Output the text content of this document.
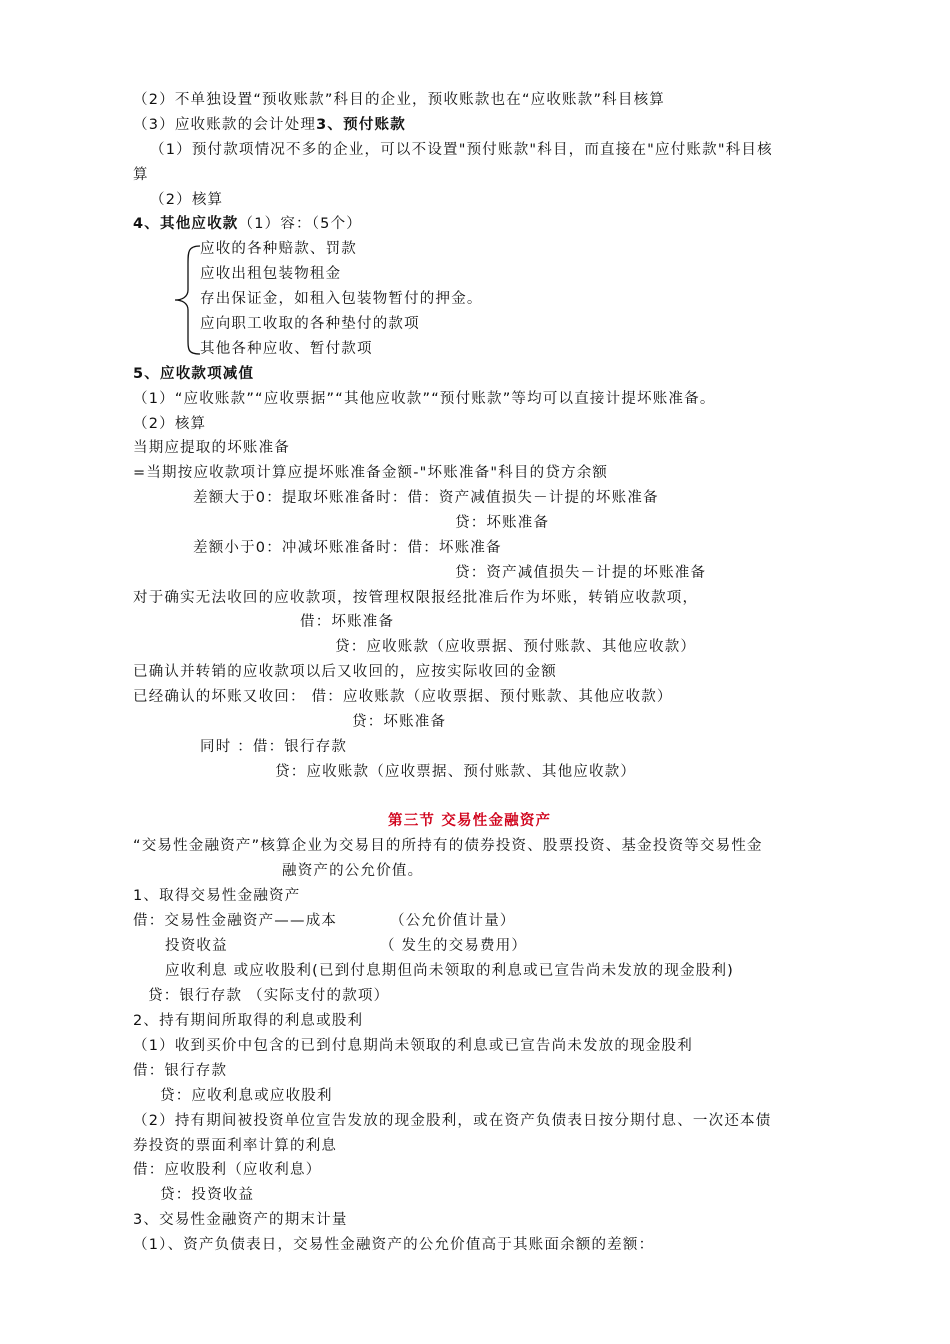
（2）不单独设置“预收账款”科目的企业，预收账款也在“应收账款”科目核算
（3）应收账款的会计处理3、预付账款
（1）预付款项情况不多的企业，可以不设置"预付账款"科目，而直接在"应付账款"科目核
算
（2）核算
4、其他应收款（1）容：（5个）
应收的各种赔款、罚款
应收出租包装物租金
存出保证金，如租入包装物暂付的押金。
应向职工收取的各种垫付的款项
其他各种应收、暂付款项
5、应收款项减值
（1）“应收账款”“应收票据”“其他应收款”“预付账款”等均可以直接计提坏账准备。
（2）核算
当期应提取的坏账准备
=当期按应收款项计算应提坏账准备金额-"坏账准备"科目的贷方余额
差额大于0：提取坏账准备时：借：资产减值损失－计提的坏账准备
贷：坏账准备
差额小于0：冲减坏账准备时：借：坏账准备
贷：资产减值损失－计提的坏账准备
对于确实无法收回的应收款项，按管理权限报经批准后作为坏账，转销应收款项，
借：坏账准备
贷：应收账款（应收票据、预付账款、其他应收款）
已确认并转销的应收款项以后又收回的，应按实际收回的金额
已经确认的坏账又收回： 借：应收账款（应收票据、预付账款、其他应收款）
贷：坏账准备
同时 ：借：银行存款
贷：应收账款（应收票据、预付账款、其他应收款）
第三节 交易性金融资产
“交易性金融资产”核算企业为交易目的所持有的债券投资、股票投资、基金投资等交易性金
融资产的公允价值。
1、取得交易性金融资产
借：交易性金融资产——成本	（公允价值计量）
投资收益	（ 发生的交易费用）
应收利息 或应收股利(已到付息期但尚未领取的利息或已宣告尚未发放的现金股利)
贷：银行存款 （实际支付的款项）
2、持有期间所取得的利息或股利
（1）收到买价中包含的已到付息期尚未领取的利息或已宣告尚未发放的现金股利
借：银行存款
贷：应收利息或应收股利
（2）持有期间被投资单位宣告发放的现金股利，或在资产负债表日按分期付息、一次还本债
券投资的票面利率计算的利息
借：应收股利（应收利息）
贷：投资收益
3、交易性金融资产的期末计量
（1）、资产负债表日，交易性金融资产的公允价值高于其账面余额的差额：
